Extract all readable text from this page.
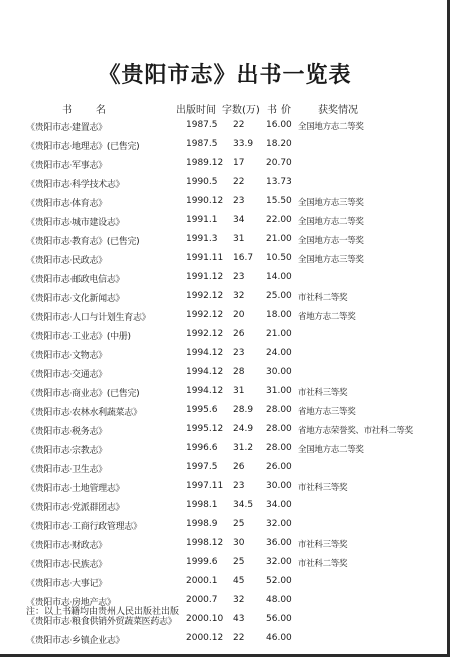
《贵阳市志》出书一览表
书 名	出版时间 字数(万) 书 价	获奖情况
《贵阳市志·建置志》	1987.5 22 16.00 全国地方志二等奖
《贵阳市志·地理志》(已售完)	1987.5 33.9 18.20
《贵阳市志·军事志》	1989.12 17 20.70
《贵阳市志·科学技术志》	1990.5 22 13.73
《贵阳市志·体育志》	1990.12 23 15.50 全国地方志三等奖
《贵阳市志·城市建设志》	1991.1 34 22.00 全国地方志二等奖
《贵阳市志·教育志》(已售完)	1991.3 31 21.00 全国地方志一等奖
《贵阳市志·民政志》	1991.11 16.7 10.50 全国地方志三等奖
《贵阳市志·邮政电信志》	1991.12 23 14.00
《贵阳市志·文化新闻志》	1992.12 32 25.00 市社科二等奖
《贵阳市志·人口与计划生育志》	1992.12 20 18.00 省地方志二等奖
《贵阳市志·工业志》(中册)	1992.12 26 21.00
《贵阳市志·文物志》	1994.12 23 24.00
《贵阳市志·交通志》	1994.12 28 30.00
《贵阳市志·商业志》(已售完)	1994.12 31 31.00 市社科三等奖
《贵阳市志·农林水利蔬菜志》	1995.6 28.9 28.00 省地方志三等奖
《贵阳市志·税务志》	1995.12 24.9 28.00 省地方志荣誉奖、市社科二等奖
《贵阳市志·宗教志》	1996.6 31.2 28.00 全国地方志二等奖
《贵阳市志·卫生志》	1997.5 26 26.00
《贵阳市志·土地管理志》	1997.11 23 30.00 市社科三等奖
《贵阳市志·党派群团志》	1998.1 34.5 34.00
《贵阳市志·工商行政管理志》	1998.9 25 32.00
《贵阳市志·财政志》	1998.12 30 36.00 市社科三等奖
《贵阳市志·民族志》	1999.6 25 32.00 市社科二等奖
《贵阳市志·大事记》	2000.1 45 52.00
《贵阳市志·房地产志》	2000.7 32 48.00
《贵阳市志·粮食供销外贸蔬菜医药志》 2000.10 43 56.00
《贵阳市志·乡镇企业志》	2000.12 22 46.00
注：以上书籍均由贵州人民出版社出版
